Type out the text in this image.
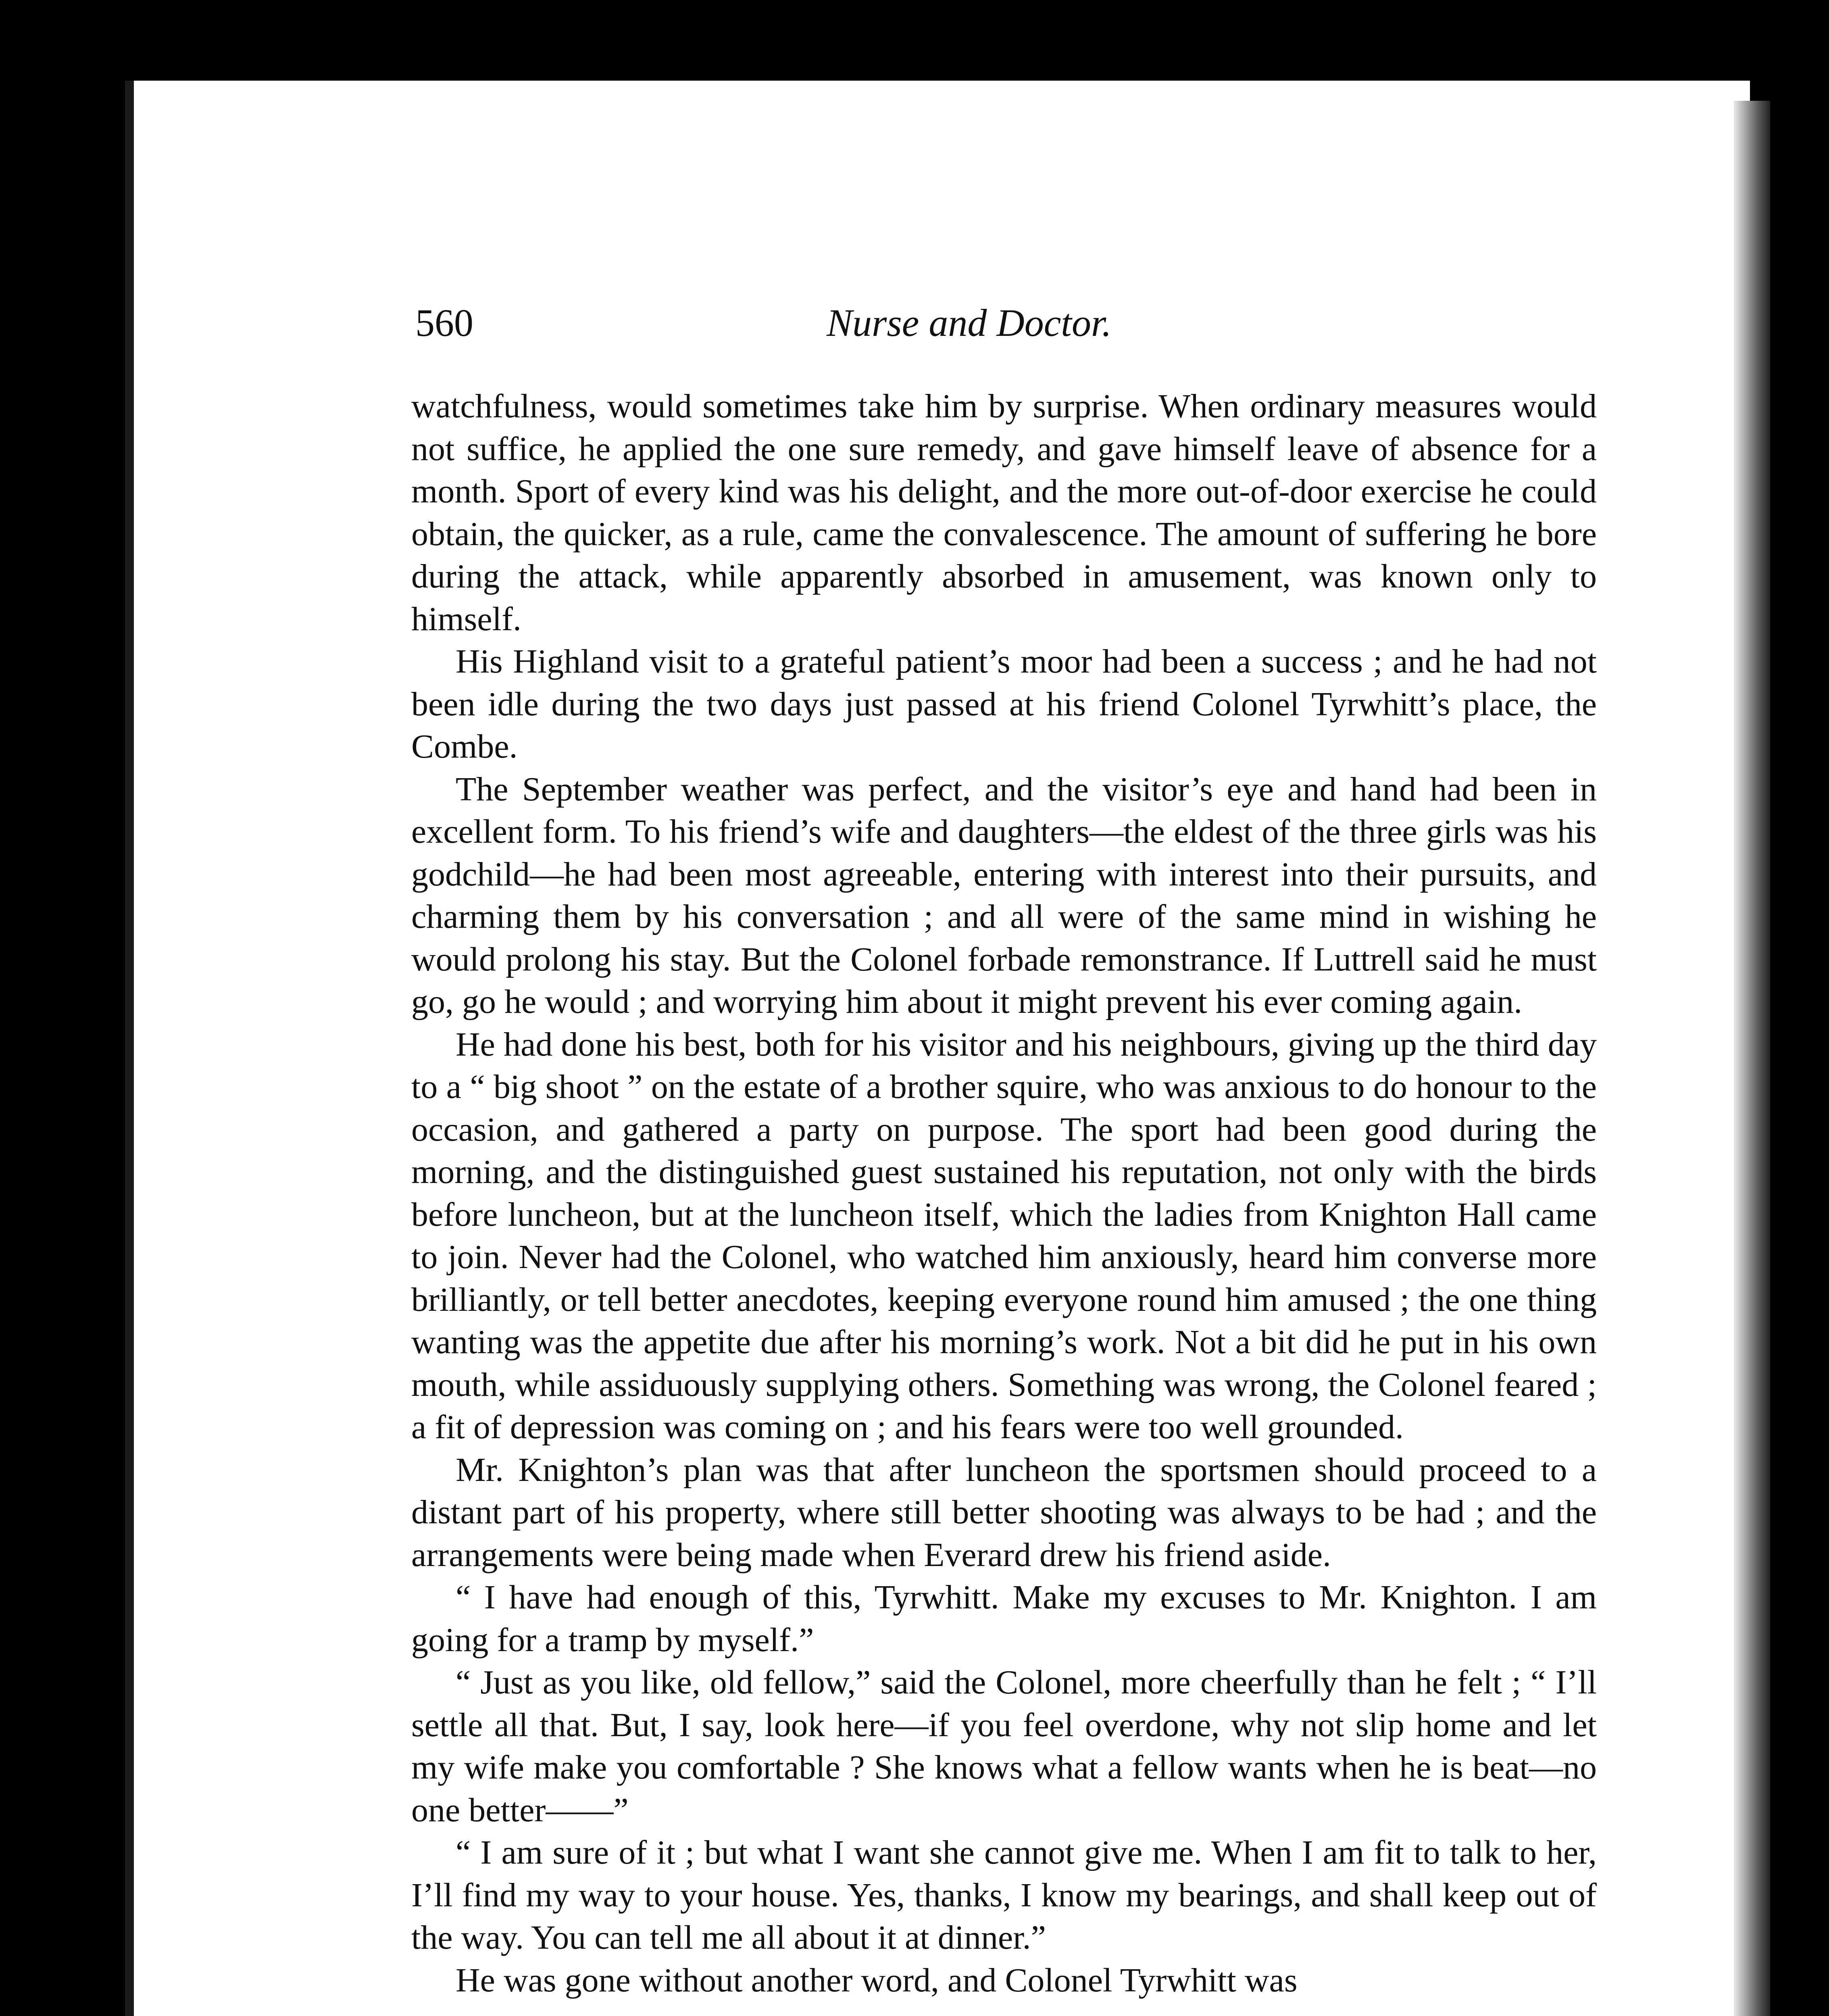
560	Nurse and Doctor.

watchfulness, would sometimes take him by surprise. When ordinary measures would not suffice, he applied the one sure remedy, and gave himself leave of absence for a month. Sport of every kind was his delight, and the more out-of-door exercise he could obtain, the quicker, as a rule, came the convalescence. The amount of suffering he bore during the attack, while apparently absorbed in amusement, was known only to himself.

His Highland visit to a grateful patient’s moor had been a success ; and he had not been idle during the two days just passed at his friend Colonel Tyrwhitt’s place, the Combe.

The September weather was perfect, and the visitor’s eye and hand had been in excellent form. To his friend’s wife and daughters—the eldest of the three girls was his godchild—he had been most agreeable, entering with interest into their pursuits, and charming them by his conversation ; and all were of the same mind in wishing he would prolong his stay. But the Colonel forbade remonstrance. If Luttrell said he must go, go he would ; and worrying him about it might prevent his ever coming again.

He had done his best, both for his visitor and his neighbours, giving up the third day to a “ big shoot ” on the estate of a brother squire, who was anxious to do honour to the occasion, and gathered a party on purpose. The sport had been good during the morning, and the distinguished guest sustained his reputation, not only with the birds before luncheon, but at the luncheon itself, which the ladies from Knighton Hall came to join. Never had the Colonel, who watched him anxiously, heard him converse more brilliantly, or tell better anecdotes, keeping everyone round him amused ; the one thing wanting was the appetite due after his morning’s work. Not a bit did he put in his own mouth, while assiduously supplying others. Something was wrong, the Colonel feared ; a fit of depression was coming on ; and his fears were too well grounded.

Mr. Knighton’s plan was that after luncheon the sportsmen should proceed to a distant part of his property, where still better shooting was always to be had ; and the arrangements were being made when Everard drew his friend aside.

“ I have had enough of this, Tyrwhitt. Make my excuses to Mr. Knighton. I am going for a tramp by myself.”

“ Just as you like, old fellow,” said the Colonel, more cheerfully than he felt ; “ I’ll settle all that. But, I say, look here—if you feel overdone, why not slip home and let my wife make you comfortable ? She knows what a fellow wants when he is beat—no one better——”

“ I am sure of it ; but what I want she cannot give me. When I am fit to talk to her, I’ll find my way to your house. Yes, thanks, I know my bearings, and shall keep out of the way. You can tell me all about it at dinner.”

He was gone without another word, and Colonel Tyrwhitt was
